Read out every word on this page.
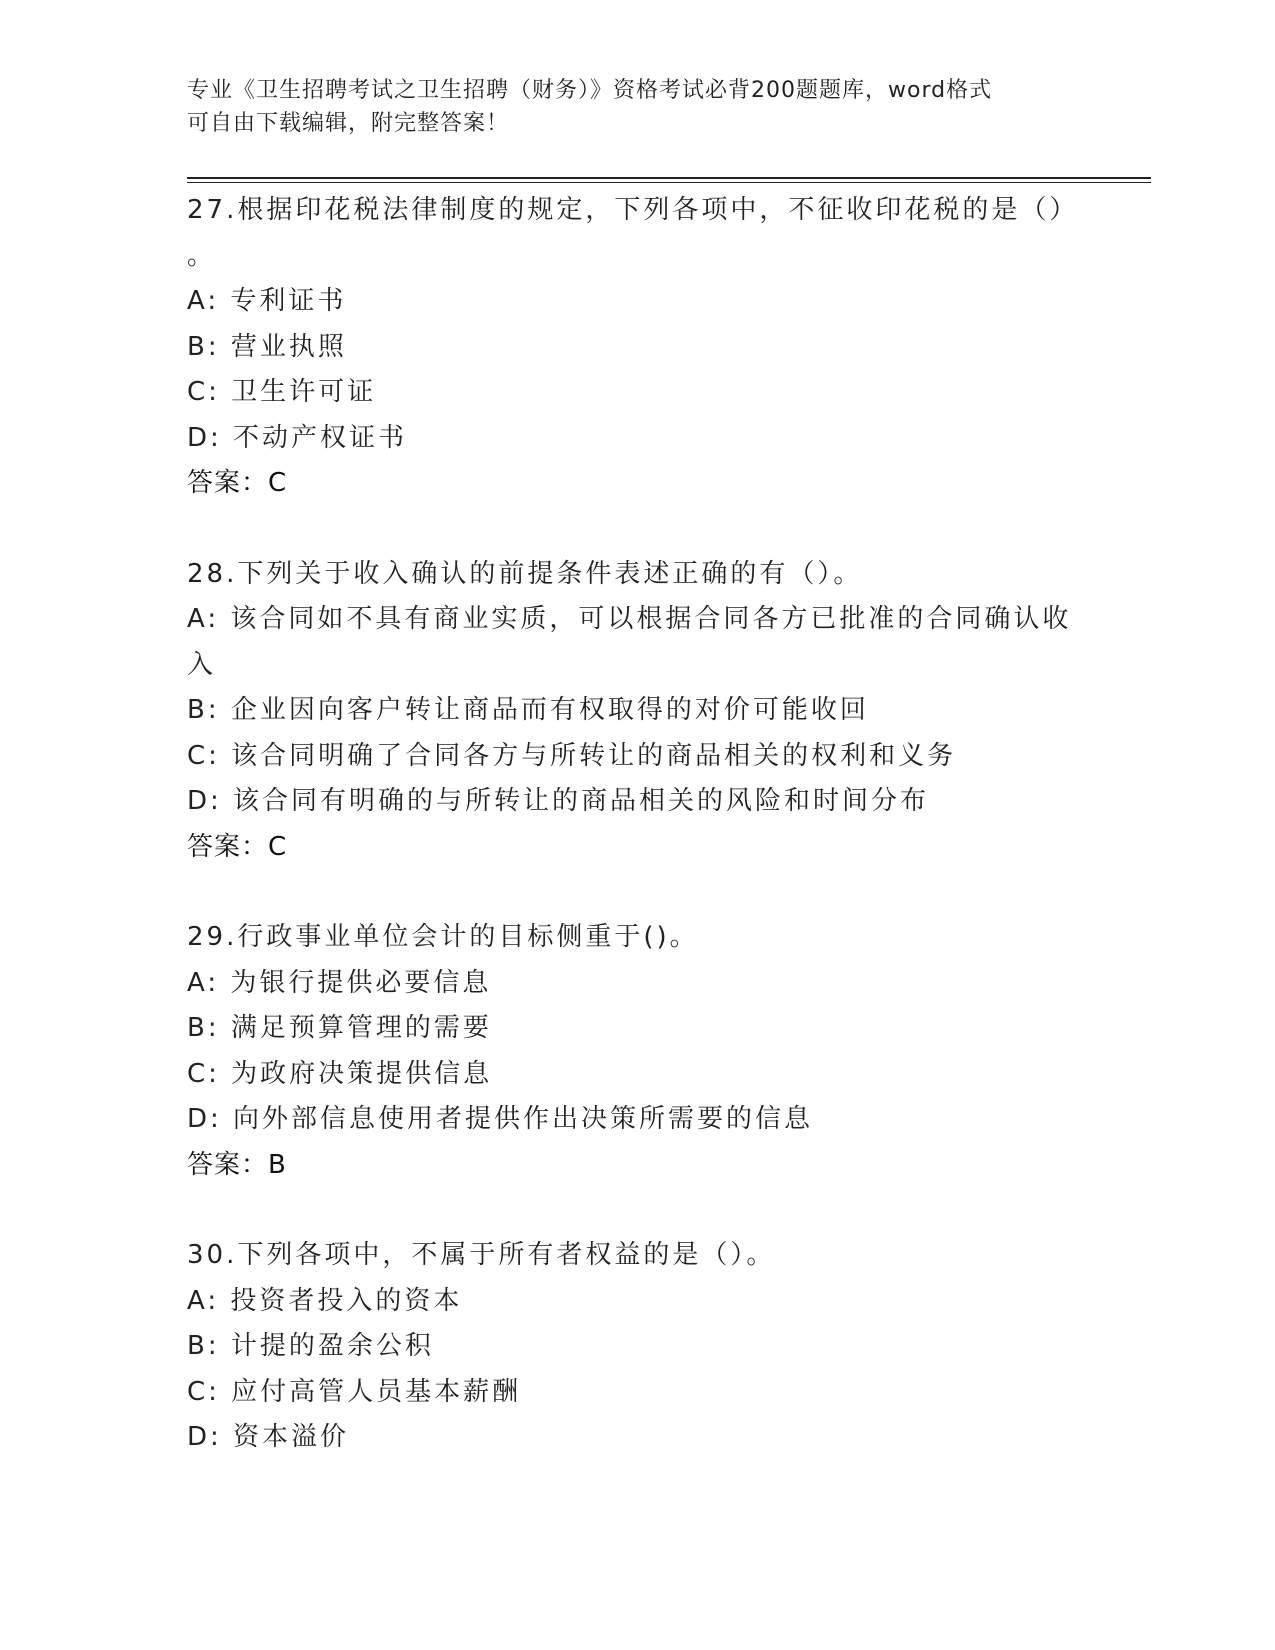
专业《卫生招聘考试之卫生招聘（财务）》资格考试必背200题题库，word格式
可自由下载编辑，附完整答案！
27.根据印花税法律制度的规定，下列各项中，不征收印花税的是（）
。
A: 专利证书
B: 营业执照
C: 卫生许可证
D: 不动产权证书
答案：C
28.下列关于收入确认的前提条件表述正确的有（）。
A: 该合同如不具有商业实质，可以根据合同各方已批准的合同确认收
入
B: 企业因向客户转让商品而有权取得的对价可能收回
C: 该合同明确了合同各方与所转让的商品相关的权利和义务
D: 该合同有明确的与所转让的商品相关的风险和时间分布
答案：C
29.行政事业单位会计的目标侧重于()。
A: 为银行提供必要信息
B: 满足预算管理的需要
C: 为政府决策提供信息
D: 向外部信息使用者提供作出决策所需要的信息
答案：B
30.下列各项中，不属于所有者权益的是（）。
A: 投资者投入的资本
B: 计提的盈余公积
C: 应付高管人员基本薪酬
D: 资本溢价
